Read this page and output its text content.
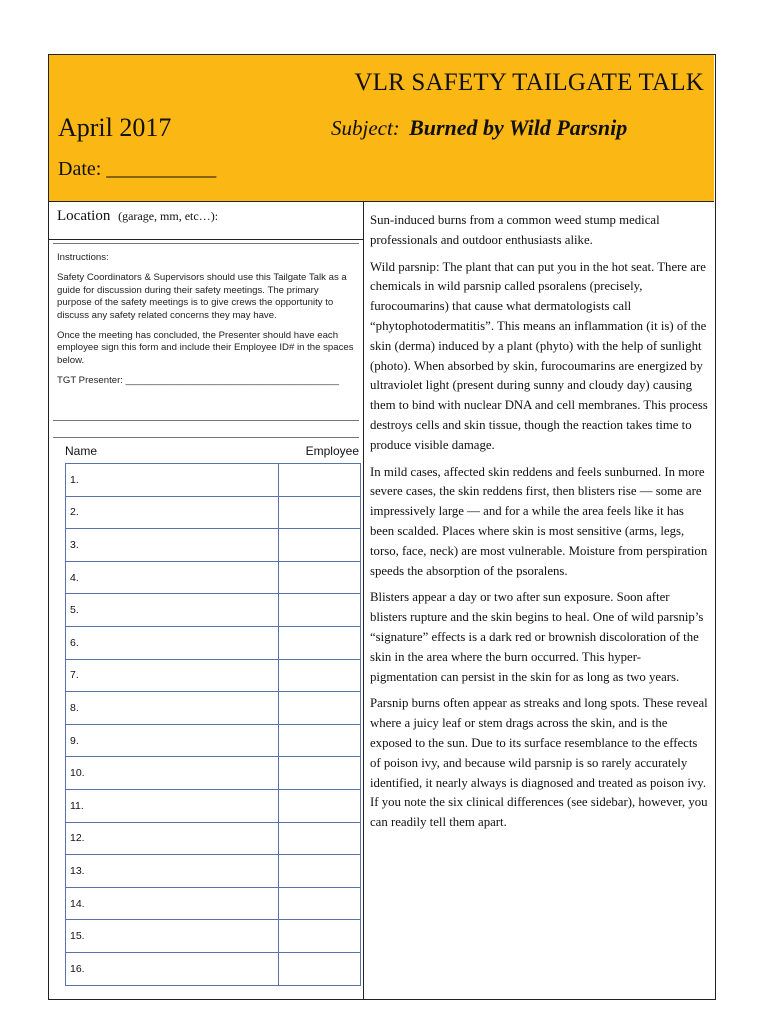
VLR SAFETY TAILGATE TALK
April 2017	Subject: Burned by Wild Parsnip
Date: ___________
Location (garage, mm, etc…):

Instructions:

Safety Coordinators & Supervisors should use this Tailgate Talk as a guide for discussion during their safety meetings. The primary purpose of the safety meetings is to give crews the opportunity to discuss any safety related concerns they may have.

Once the meeting has concluded, the Presenter should have each employee sign this form and include their Employee ID# in the spaces below.

TGT Presenter: ________________________________________

Name	Employee
1.	
2.	
3.	
4.	
5.	
6.	
7.	
8.	
9.	
10.	
11.	
12.	
13.	
14.	
15.	
16.	

Sun-induced burns from a common weed stump medical professionals and outdoor enthusiasts alike.

Wild parsnip: The plant that can put you in the hot seat. There are chemicals in wild parsnip called psoralens (precisely, furocoumarins) that cause what dermatologists call “phytophotodermatitis”. This means an inflammation (it is) of the skin (derma) induced by a plant (phyto) with the help of sunlight (photo). When absorbed by skin, furocoumarins are energized by ultraviolet light (present during sunny and cloudy day) causing them to bind with nuclear DNA and cell membranes. This process destroys cells and skin tissue, though the reaction takes time to produce visible damage.

In mild cases, affected skin reddens and feels sunburned. In more severe cases, the skin reddens first, then blisters rise — some are impressively large — and for a while the area feels like it has been scalded. Places where skin is most sensitive (arms, legs, torso, face, neck) are most vulnerable. Moisture from perspiration speeds the absorption of the psoralens.

Blisters appear a day or two after sun exposure. Soon after blisters rupture and the skin begins to heal. One of wild parsnip’s “signature” effects is a dark red or brownish discoloration of the skin in the area where the burn occurred. This hyper-pigmentation can persist in the skin for as long as two years.

Parsnip burns often appear as streaks and long spots. These reveal where a juicy leaf or stem drags across the skin, and is the exposed to the sun. Due to its surface resemblance to the effects of poison ivy, and because wild parsnip is so rarely accurately identified, it nearly always is diagnosed and treated as poison ivy. If you note the six clinical differences (see sidebar), however, you can readily tell them apart.
